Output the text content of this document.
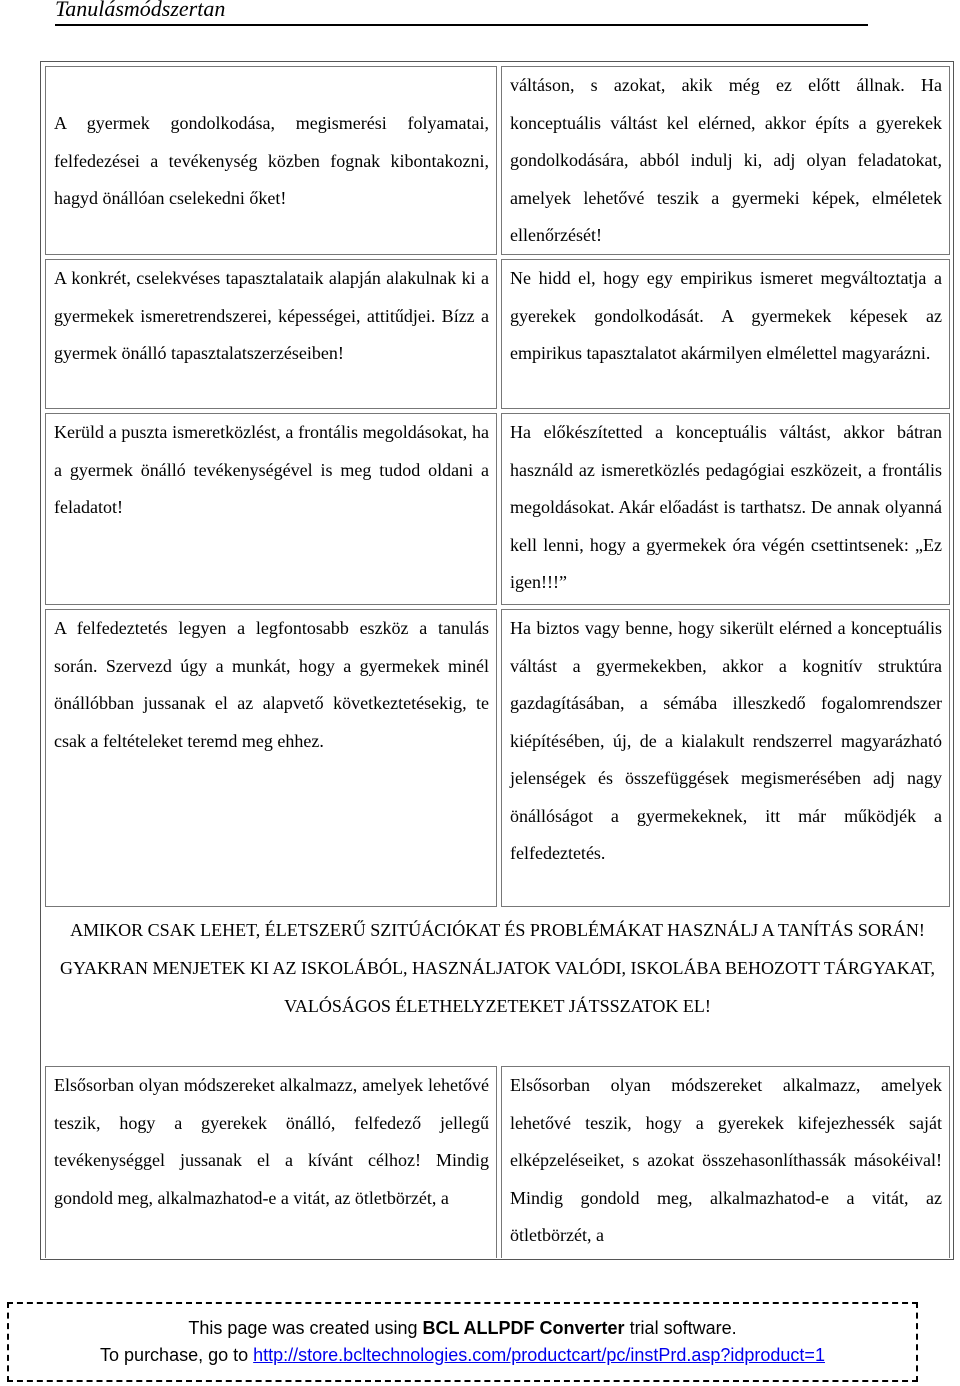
Tanulásmódszertan
A gyermek gondolkodása, megismerési folyamatai, felfedezései a tevékenység közben fognak kibontakozni, hagyd önállóan cselekedni őket!
váltáson, s azokat, akik még ez előtt állnak. Ha konceptuális váltást kel elérned, akkor építs a gyerekek gondolkodására, abból indulj ki, adj olyan feladatokat, amelyek lehetővé teszik a gyermeki képek, elméletek ellenőrzését!
A konkrét, cselekvéses tapasztalataik alapján alakulnak ki a gyermekek ismeretrendszerei, képességei, attitűdjei. Bízz a gyermek önálló tapasztalatszerzéseiben!
Ne hidd el, hogy egy empirikus ismeret megváltoztatja a gyerekek gondolkodását. A gyermekek képesek az empirikus tapasztalatot akármilyen elmélettel magyarázni.
Kerüld a puszta ismeretközlést, a frontális megoldásokat, ha a gyermek önálló tevékenységével is meg tudod oldani a feladatot!
Ha előkészítetted a konceptuális váltást, akkor bátran használd az ismeretközlés pedagógiai eszközeit, a frontális megoldásokat. Akár előadást is tarthatsz. De annak olyanná kell lenni, hogy a gyermekek óra végén csettintsenek: „Ez igen!!!”
A felfedeztetés legyen a legfontosabb eszköz a tanulás során. Szervezd úgy a munkát, hogy a gyermekek minél önállóbban jussanak el az alapvető következtetésekig, te csak a feltételeket teremd meg ehhez.
Ha biztos vagy benne, hogy sikerült elérned a konceptuális váltást a gyermekekben, akkor a kognitív struktúra gazdagításában, a sémába illeszkedő fogalomrendszer kiépítésében, új, de a kialakult rendszerrel magyarázható jelenségek és összefüggések megismerésében adj nagy önállóságot a gyermekeknek, itt már működjék a felfedeztetés.
AMIKOR CSAK LEHET, ÉLETSZERŰ SZITÚÁCIÓKAT ÉS PROBLÉMÁKAT HASZNÁLJ A TANÍTÁS SORÁN! GYAKRAN MENJETEK KI AZ ISKOLÁBÓL, HASZNÁLJATOK VALÓDI, ISKOLÁBA BEHOZOTT TÁRGYAKAT, VALÓSÁGOS ÉLETHELYZETEKET JÁTSSZATOK EL!
Elsősorban olyan módszereket alkalmazz, amelyek lehetővé teszik, hogy a gyerekek önálló, felfedező jellegű tevékenységgel jussanak el a kívánt célhoz! Mindig gondold meg, alkalmazhatod-e a vitát, az ötletbörzét, a
Elsősorban olyan módszereket alkalmazz, amelyek lehetővé teszik, hogy a gyerekek kifejezhessék saját elképzeléseiket, s azokat összehasonlíthassák másokéival! Mindig gondold meg, alkalmazhatod-e a vitát, az ötletbörzét, a
This page was created using BCL ALLPDF Converter trial software.
To purchase, go to http://store.bcltechnologies.com/productcart/pc/instPrd.asp?idproduct=1
